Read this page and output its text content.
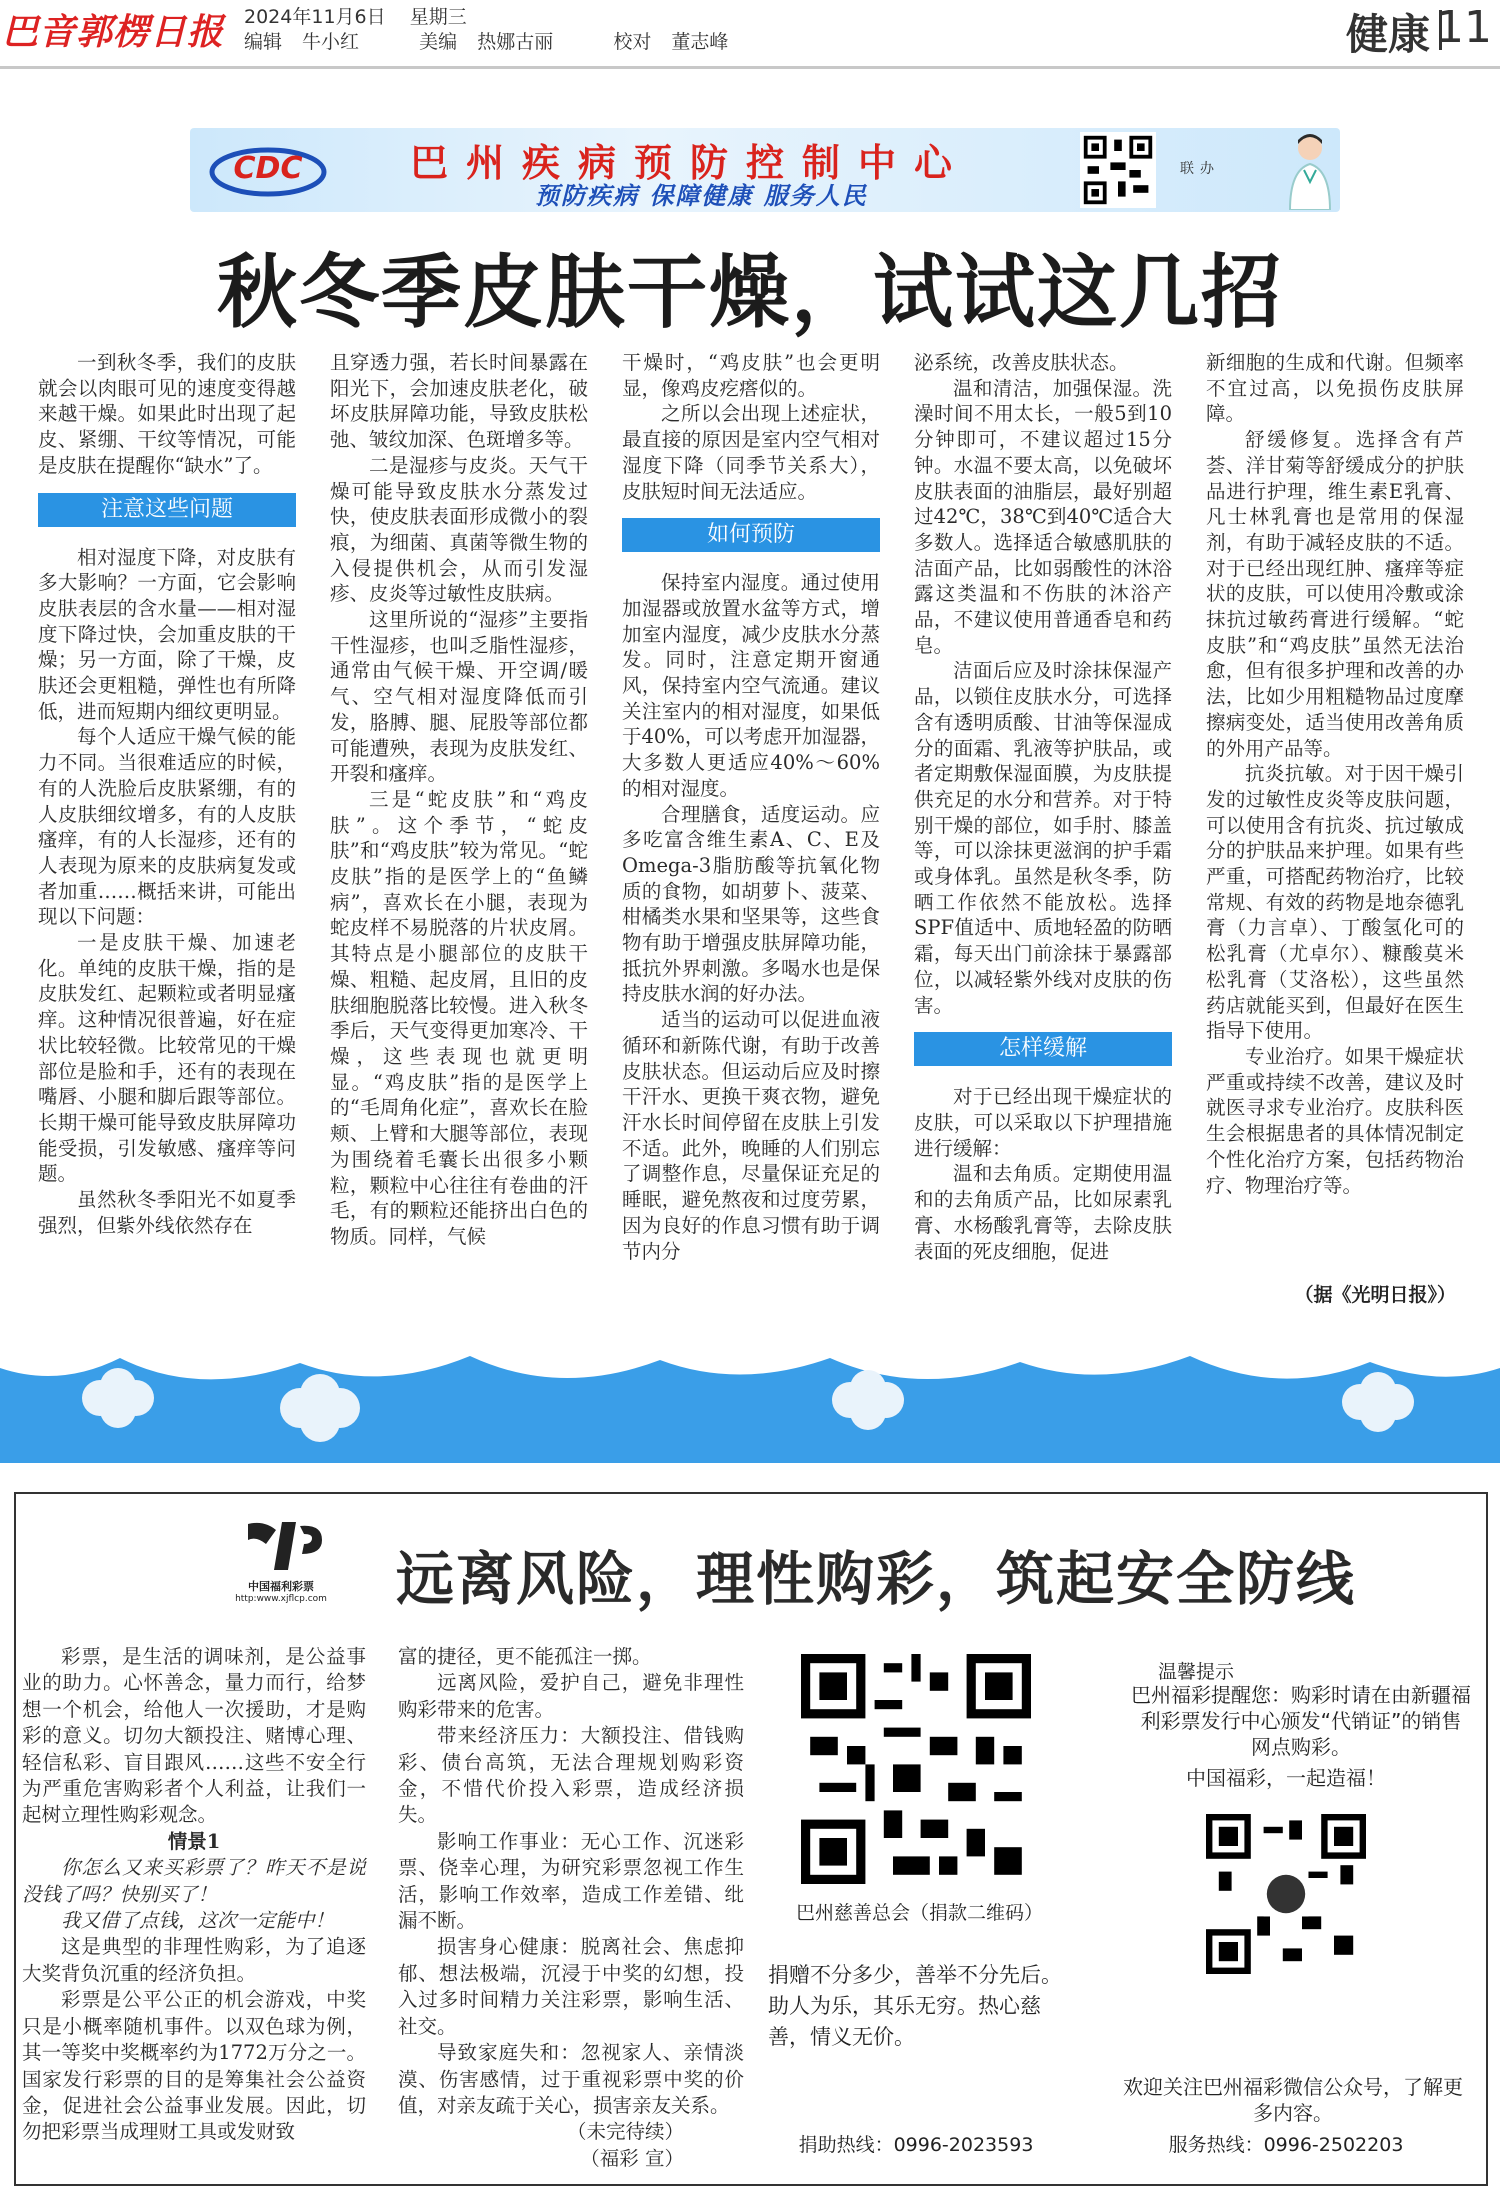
巴音郭楞日报 2024年11月6日 星期三
编辑 牛小红	美编 热娜古丽	校对 董志峰	健康 11
CDC	巴州疾病预防控制中心
预防疾病 保障健康 服务人民
联办
秋冬季皮肤干燥，试试这几招

一到秋冬季，我们的皮肤就会以肉眼可见的速度变得越来越干燥。如果此时出现了起皮、紧绷、干纹等情况，可能是皮肤在提醒你“缺水”了。

注意这些问题

相对湿度下降，对皮肤有多大影响？一方面，它会影响皮肤表层的含水量——相对湿度下降过快，会加重皮肤的干燥；另一方面，除了干燥，皮肤还会更粗糙，弹性也有所降低，进而短期内细纹更明显。

每个人适应干燥气候的能力不同。当很难适应的时候，有的人洗脸后皮肤紧绷，有的人皮肤细纹增多，有的人皮肤瘙痒，有的人长湿疹，还有的人表现为原来的皮肤病复发或者加重……概括来讲，可能出现以下问题：

一是皮肤干燥、加速老化。单纯的皮肤干燥，指的是皮肤发红、起颗粒或者明显瘙痒。这种情况很普遍，好在症状比较轻微。比较常见的干燥部位是脸和手，还有的表现在嘴唇、小腿和脚后跟等部位。长期干燥可能导致皮肤屏障功能受损，引发敏感、瘙痒等问题。

虽然秋冬季阳光不如夏季强烈，但紫外线依然存在

且穿透力强，若长时间暴露在阳光下，会加速皮肤老化，破坏皮肤屏障功能，导致皮肤松弛、皱纹加深、色斑增多等。

二是湿疹与皮炎。天气干燥可能导致皮肤水分蒸发过快，使皮肤表面形成微小的裂痕，为细菌、真菌等微生物的入侵提供机会，从而引发湿疹、皮炎等过敏性皮肤病。

这里所说的“湿疹”主要指干性湿疹，也叫乏脂性湿疹，通常由气候干燥、开空调/暖气、空气相对湿度降低而引发，胳膊、腿、屁股等部位都可能遭殃，表现为皮肤发红、开裂和瘙痒。

三是“蛇皮肤”和“鸡皮肤”。这个季节，“蛇皮肤”和“鸡皮肤”较为常见。“蛇皮肤”指的是医学上的“鱼鳞病”，喜欢长在小腿，表现为蛇皮样不易脱落的片状皮屑。其特点是小腿部位的皮肤干燥、粗糙、起皮屑，且旧的皮肤细胞脱落比较慢。进入秋冬季后，天气变得更加寒冷、干燥，这些表现也就更明显。“鸡皮肤”指的是医学上的“毛周角化症”，喜欢长在脸颊、上臂和大腿等部位，表现为围绕着毛囊长出很多小颗粒，颗粒中心往往有卷曲的汗毛，有的颗粒还能挤出白色的物质。同样，气候

干燥时，“鸡皮肤”也会更明显，像鸡皮疙瘩似的。

之所以会出现上述症状，最直接的原因是室内空气相对湿度下降（同季节关系大），皮肤短时间无法适应。

如何预防

保持室内湿度。通过使用加湿器或放置水盆等方式，增加室内湿度，减少皮肤水分蒸发。同时，注意定期开窗通风，保持室内空气流通。建议关注室内的相对湿度，如果低于40%，可以考虑开加湿器，大多数人更适应40%～60%的相对湿度。

合理膳食，适度运动。应多吃富含维生素A、C、E及Omega-3脂肪酸等抗氧化物质的食物，如胡萝卜、菠菜、柑橘类水果和坚果等，这些食物有助于增强皮肤屏障功能，抵抗外界刺激。多喝水也是保持皮肤水润的好办法。

适当的运动可以促进血液循环和新陈代谢，有助于改善皮肤状态。但运动后应及时擦干汗水、更换干爽衣物，避免汗水长时间停留在皮肤上引发不适。此外，晚睡的人们别忘了调整作息，尽量保证充足的睡眠，避免熬夜和过度劳累，因为良好的作息习惯有助于调节内分

泌系统，改善皮肤状态。

温和清洁，加强保湿。洗澡时间不用太长，一般5到10分钟即可，不建议超过15分钟。水温不要太高，以免破坏皮肤表面的油脂层，最好别超过42℃，38℃到40℃适合大多数人。选择适合敏感肌肤的洁面产品，比如弱酸性的沐浴露这类温和不伤肤的沐浴产品，不建议使用普通香皂和药皂。

洁面后应及时涂抹保湿产品，以锁住皮肤水分，可选择含有透明质酸、甘油等保湿成分的面霜、乳液等护肤品，或者定期敷保湿面膜，为皮肤提供充足的水分和营养。对于特别干燥的部位，如手肘、膝盖等，可以涂抹更滋润的护手霜或身体乳。虽然是秋冬季，防晒工作依然不能放松。选择SPF值适中、质地轻盈的防晒霜，每天出门前涂抹于暴露部位，以减轻紫外线对皮肤的伤害。

怎样缓解

对于已经出现干燥症状的皮肤，可以采取以下护理措施进行缓解：

温和去角质。定期使用温和的去角质产品，比如尿素乳膏、水杨酸乳膏等，去除皮肤表面的死皮细胞，促进

新细胞的生成和代谢。但频率不宜过高，以免损伤皮肤屏障。

舒缓修复。选择含有芦荟、洋甘菊等舒缓成分的护肤品进行护理，维生素E乳膏、凡士林乳膏也是常用的保湿剂，有助于减轻皮肤的不适。对于已经出现红肿、瘙痒等症状的皮肤，可以使用冷敷或涂抹抗过敏药膏进行缓解。“蛇皮肤”和“鸡皮肤”虽然无法治愈，但有很多护理和改善的办法，比如少用粗糙物品过度摩擦病变处，适当使用改善角质的外用产品等。

抗炎抗敏。对于因干燥引发的过敏性皮炎等皮肤问题，可以使用含有抗炎、抗过敏成分的护肤品来护理。如果有些严重，可搭配药物治疗，比较常规、有效的药物是地奈德乳膏（力言卓）、丁酸氢化可的松乳膏（尤卓尔）、糠酸莫米松乳膏（艾洛松），这些虽然药店就能买到，但最好在医生指导下使用。

专业治疗。如果干燥症状严重或持续不改善，建议及时就医寻求专业治疗。皮肤科医生会根据患者的具体情况制定个性化治疗方案，包括药物治疗、物理治疗等。

（据《光明日报》）
中国福利彩票
http:www.xjflcp.com 远离风险，理性购彩，筑起安全防线

彩票，是生活的调味剂，是公益事业的助力。心怀善念，量力而行，给梦想一个机会，给他人一次援助，才是购彩的意义。切勿大额投注、赌博心理、轻信私彩、盲目跟风……这些不安全行为严重危害购彩者个人利益，让我们一起树立理性购彩观念。

情景1

你怎么又来买彩票了？昨天不是说没钱了吗？快别买了！

我又借了点钱，这次一定能中！

这是典型的非理性购彩，为了追逐大奖背负沉重的经济负担。

彩票是公平公正的机会游戏，中奖只是小概率随机事件。以双色球为例，其一等奖中奖概率约为1772万分之一。国家发行彩票的目的是筹集社会公益资金，促进社会公益事业发展。因此，切勿把彩票当成理财工具或发财致

富的捷径，更不能孤注一掷。

远离风险，爱护自己，避免非理性购彩带来的危害。

带来经济压力：大额投注、借钱购彩、债台高筑，无法合理规划购彩资金，不惜代价投入彩票，造成经济损失。

影响工作事业：无心工作、沉迷彩票、侥幸心理，为研究彩票忽视工作生活，影响工作效率，造成工作差错、纰漏不断。

损害身心健康：脱离社会、焦虑抑郁、想法极端，沉浸于中奖的幻想，投入过多时间精力关注彩票，影响生活、社交。

导致家庭失和：忽视家人、亲情淡漠、伤害感情，过于重视彩票中奖的价值，对亲友疏于关心，损害亲友关系。

（未完待续）

（福彩 宣）

巴州慈善总会（捐款二维码）
捐赠不分多少，善举不分先后。助人为乐，其乐无穷。热心慈善，情义无价。
捐助热线：0996-2023593
温馨提示
巴州福彩提醒您：购彩时请在由新疆福利彩票发行中心颁发“代销证”的销售网点购彩。
中国福彩，一起造福！
欢迎关注巴州福彩微信公众号，了解更多内容。
服务热线：0996-2502203
